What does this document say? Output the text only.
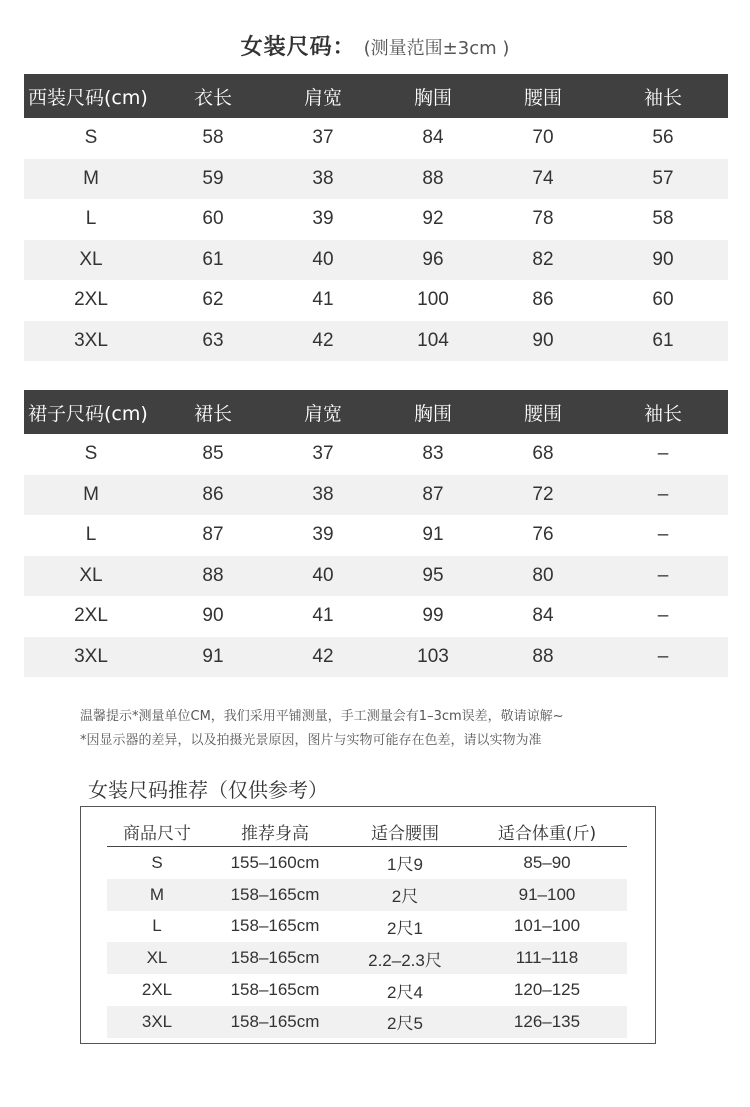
女装尺码： (测量范围±3cm )
西装尺码(cm)	衣长	肩宽	胸围	腰围	袖长
S	58	37	84	70	56
M	59	38	88	74	57
L	60	39	92	78	58
XL	61	40	96	82	90
2XL	62	41	100	86	60
3XL	63	42	104	90	61
裙子尺码(cm)	裙长	肩宽	胸围	腰围	袖长
S	85	37	83	68	–
M	86	38	87	72	–
L	87	39	91	76	–
XL	88	40	95	80	–
2XL	90	41	99	84	–
3XL	91	42	103	88	–
温馨提示*测量单位CM，我们采用平铺测量，手工测量会有1–3cm误差，敬请谅解~
*因显示器的差异，以及拍摄光景原因，图片与实物可能存在色差，请以实物为准
女装尺码推荐（仅供参考）
商品尺寸	推荐身高	适合腰围	适合体重(斤)
S	155–160cm	1尺9	85–90
M	158–165cm	2尺	91–100
L	158–165cm	2尺1	101–100
XL	158–165cm	2.2–2.3尺	111–118
2XL	158–165cm	2尺4	120–125
3XL	158–165cm	2尺5	126–135
